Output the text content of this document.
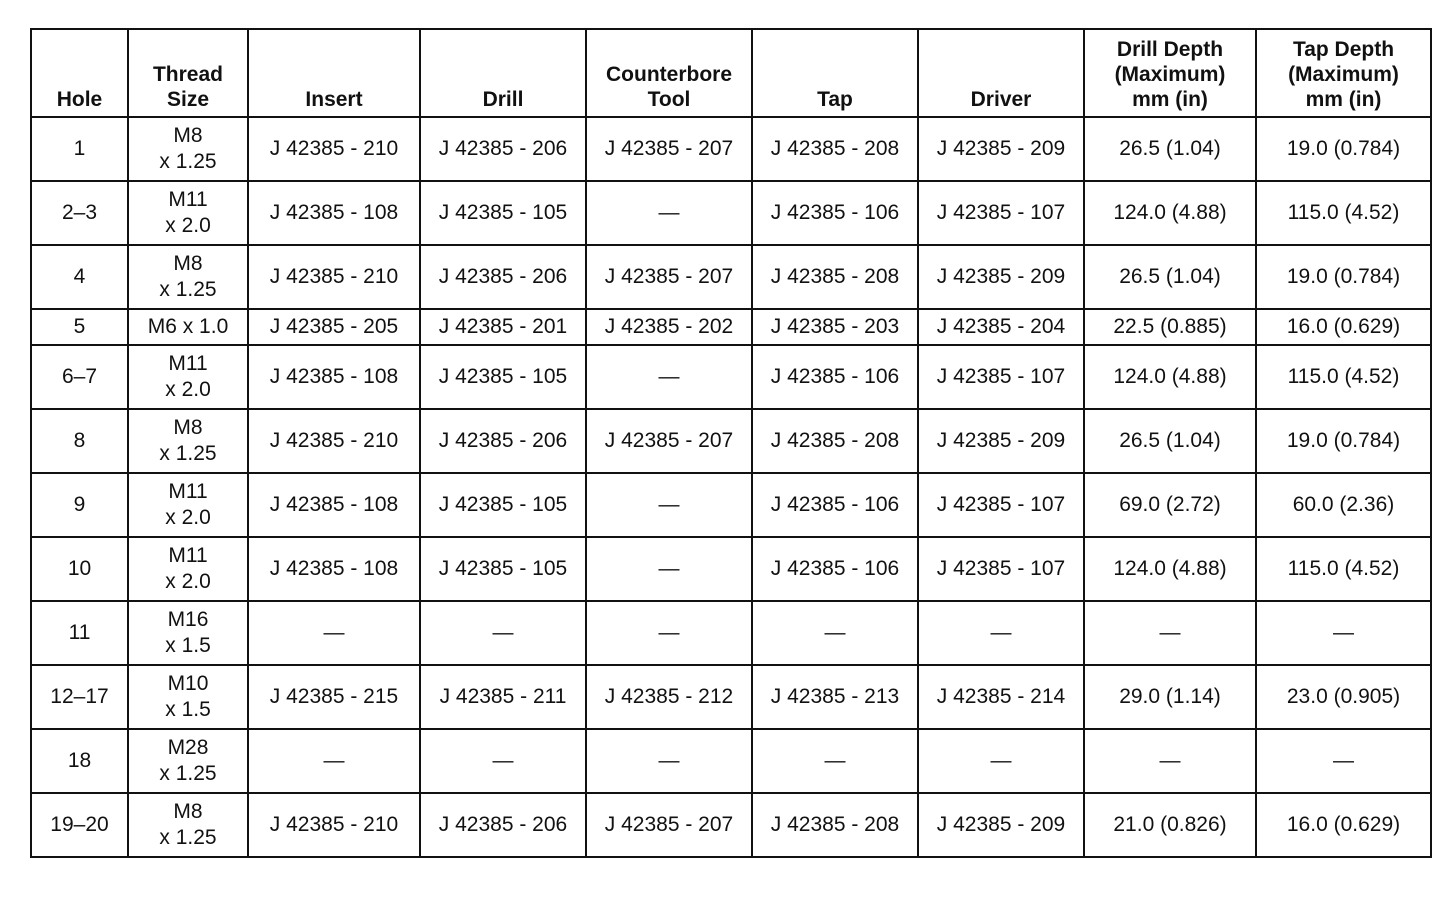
Hole	Thread
Size	Insert	Drill	Counterbore
Tool	Tap	Driver	Drill Depth
(Maximum)
mm (in)	Tap Depth
(Maximum)
mm (in)
1	M8
x 1.25	J 42385 - 210	J 42385 - 206	J 42385 - 207	J 42385 - 208	J 42385 - 209	26.5 (1.04)	19.0 (0.784)
2–3	M11
x 2.0	J 42385 - 108	J 42385 - 105	—	J 42385 - 106	J 42385 - 107	124.0 (4.88)	115.0 (4.52)
4	M8
x 1.25	J 42385 - 210	J 42385 - 206	J 42385 - 207	J 42385 - 208	J 42385 - 209	26.5 (1.04)	19.0 (0.784)
5	M6 x 1.0	J 42385 - 205	J 42385 - 201	J 42385 - 202	J 42385 - 203	J 42385 - 204	22.5 (0.885)	16.0 (0.629)
6–7	M11
x 2.0	J 42385 - 108	J 42385 - 105	—	J 42385 - 106	J 42385 - 107	124.0 (4.88)	115.0 (4.52)
8	M8
x 1.25	J 42385 - 210	J 42385 - 206	J 42385 - 207	J 42385 - 208	J 42385 - 209	26.5 (1.04)	19.0 (0.784)
9	M11
x 2.0	J 42385 - 108	J 42385 - 105	—	J 42385 - 106	J 42385 - 107	69.0 (2.72)	60.0 (2.36)
10	M11
x 2.0	J 42385 - 108	J 42385 - 105	—	J 42385 - 106	J 42385 - 107	124.0 (4.88)	115.0 (4.52)
11	M16
x 1.5	—	—	—	—	—	—	—
12–17	M10
x 1.5	J 42385 - 215	J 42385 - 211	J 42385 - 212	J 42385 - 213	J 42385 - 214	29.0 (1.14)	23.0 (0.905)
18	M28
x 1.25	—	—	—	—	—	—	—
19–20	M8
x 1.25	J 42385 - 210	J 42385 - 206	J 42385 - 207	J 42385 - 208	J 42385 - 209	21.0 (0.826)	16.0 (0.629)
